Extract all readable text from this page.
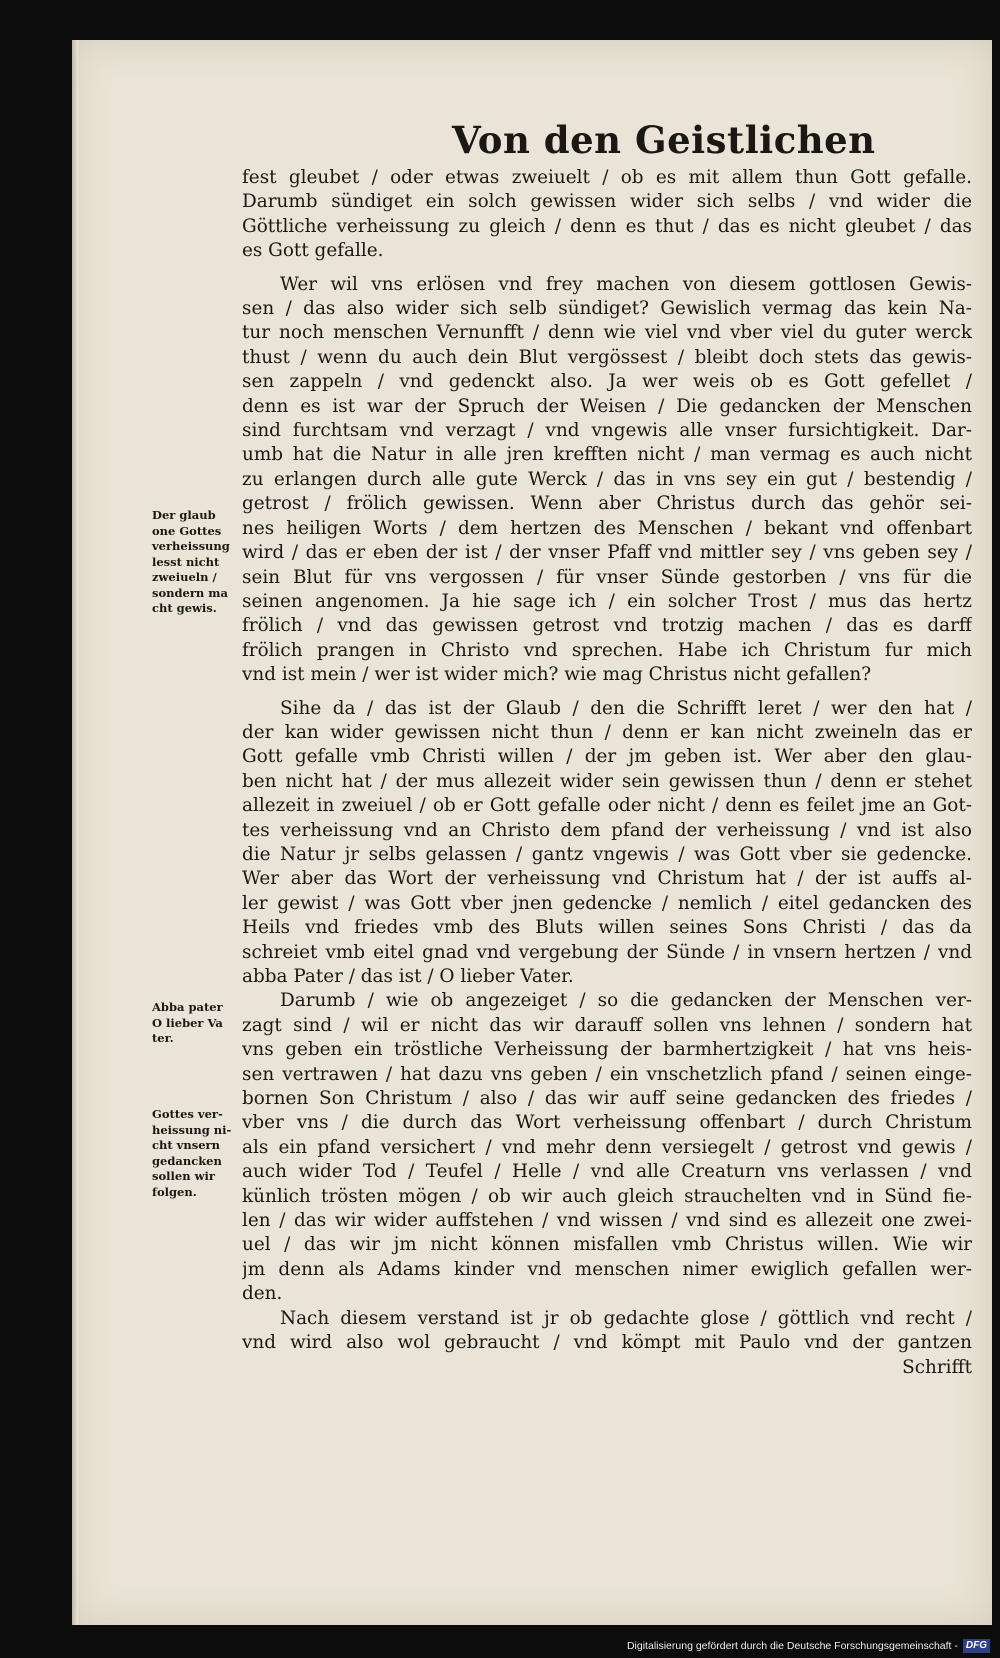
Von den Geistlichen
fest gleubet / oder etwas zweiuelt / ob es mit allem thun Gott gefalle.
Darumb sündiget ein solch gewissen wider sich selbs / vnd wider die
Göttliche verheissung zu gleich / denn es thut / das es nicht gleubet / das
es Gott gefalle.
Wer wil vns erlösen vnd frey machen von diesem gottlosen Gewis-
sen / das also wider sich selb sündiget? Gewislich vermag das kein Na-
tur noch menschen Vernunfft / denn wie viel vnd vber viel du guter werck
thust / wenn du auch dein Blut vergössest / bleibt doch stets das gewis-
sen zappeln / vnd gedenckt also. Ja wer weis ob es Gott gefellet /
denn es ist war der Spruch der Weisen / Die gedancken der Menschen
sind furchtsam vnd verzagt / vnd vngewis alle vnser fursichtigkeit. Dar-
umb hat die Natur in alle jren krefften nicht / man vermag es auch nicht
zu erlangen durch alle gute Werck / das in vns sey ein gut / bestendig /
getrost / frölich gewissen. Wenn aber Christus durch das gehör sei-
nes heiligen Worts / dem hertzen des Menschen / bekant vnd offenbart
wird / das er eben der ist / der vnser Pfaff vnd mittler sey / vns geben sey /
sein Blut für vns vergossen / für vnser Sünde gestorben / vns für die
seinen angenomen. Ja hie sage ich / ein solcher Trost / mus das hertz
frölich / vnd das gewissen getrost vnd trotzig machen / das es darff
frölich prangen in Christo vnd sprechen. Habe ich Christum fur mich
vnd ist mein / wer ist wider mich? wie mag Christus nicht gefallen?
Sihe da / das ist der Glaub / den die Schrifft leret / wer den hat /
der kan wider gewissen nicht thun / denn er kan nicht zweineln das er
Gott gefalle vmb Christi willen / der jm geben ist. Wer aber den glau-
ben nicht hat / der mus allezeit wider sein gewissen thun / denn er stehet
allezeit in zweiuel / ob er Gott gefalle oder nicht / denn es feilet jme an Got-
tes verheissung vnd an Christo dem pfand der verheissung / vnd ist also
die Natur jr selbs gelassen / gantz vngewis / was Gott vber sie gedencke.
Wer aber das Wort der verheissung vnd Christum hat / der ist auffs al-
ler gewist / was Gott vber jnen gedencke / nemlich / eitel gedancken des
Heils vnd friedes vmb des Bluts willen seines Sons Christi / das da
schreiet vmb eitel gnad vnd vergebung der Sünde / in vnsern hertzen / vnd
abba Pater / das ist / O lieber Vater.
Darumb / wie ob angezeiget / so die gedancken der Menschen ver-
zagt sind / wil er nicht das wir darauff sollen vns lehnen / sondern hat
vns geben ein tröstliche Verheissung der barmhertzigkeit / hat vns heis-
sen vertrawen / hat dazu vns geben / ein vnschetzlich pfand / seinen einge-
bornen Son Christum / also / das wir auff seine gedancken des friedes /
vber vns / die durch das Wort verheissung offenbart / durch Christum
als ein pfand versichert / vnd mehr denn versiegelt / getrost vnd gewis /
auch wider Tod / Teufel / Helle / vnd alle Creaturn vns verlassen / vnd
künlich trösten mögen / ob wir auch gleich strauchelten vnd in Sünd fie-
len / das wir wider auffstehen / vnd wissen / vnd sind es allezeit one zwei-
uel / das wir jm nicht können misfallen vmb Christus willen. Wie wir
jm denn als Adams kinder vnd menschen nimer ewiglich gefallen wer-
den.
Nach diesem verstand ist jr ob gedachte glose / göttlich vnd recht /
vnd wird also wol gebraucht / vnd kömpt mit Paulo vnd der gantzen
Schrifft
Der glaub
one Gottes
verheissung
lesst nicht
zweiueln /
sondern ma
cht gewis.
Abba pater
O lieber Va
ter.
Gottes ver-
heissung ni-
cht vnsern
gedancken
sollen wir
folgen.
Digitalisierung gefördert durch die Deutsche Forschungsgemeinschaft - DFG
